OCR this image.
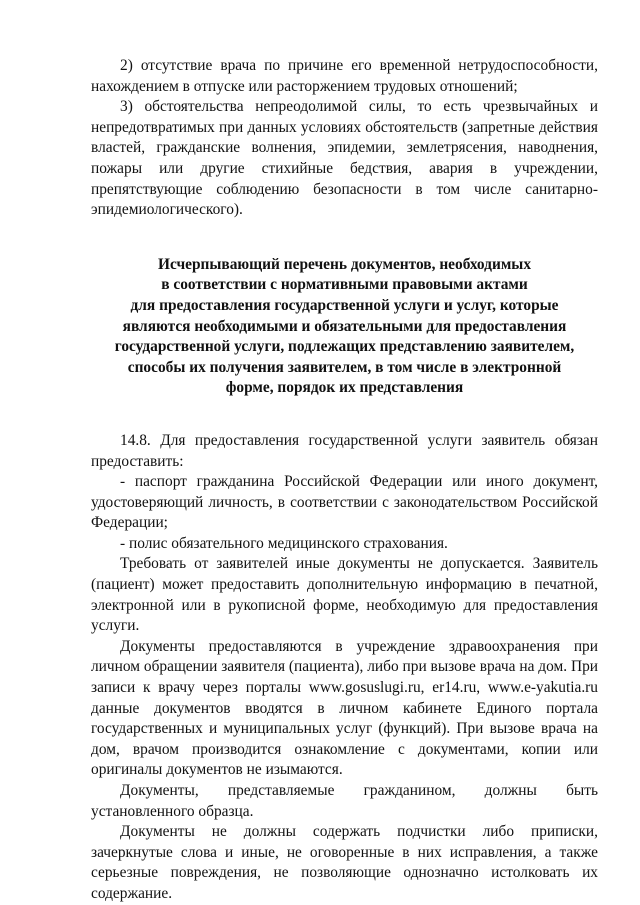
2) отсутствие врача по причине его временной нетрудоспособности, нахождением в отпуске или расторжением трудовых отношений;

3) обстоятельства непреодолимой силы, то есть чрезвычайных и непредотвратимых при данных условиях обстоятельств (запретные действия властей, гражданские волнения, эпидемии, землетрясения, наводнения, пожары или другие стихийные бедствия, авария в учреждении, препятствующие соблюдению безопасности в том числе санитарно-эпидемиологического).

Исчерпывающий перечень документов, необходимых
в соответствии с нормативными правовыми актами
для предоставления государственной услуги и услуг, которые
являются необходимыми и обязательными для предоставления
государственной услуги, подлежащих представлению заявителем,
способы их получения заявителем, в том числе в электронной
форме, порядок их представления

14.8. Для предоставления государственной услуги заявитель обязан предоставить:

- паспорт гражданина Российской Федерации или иного документ, удостоверяющий личность, в соответствии с законодательством Российской Федерации;

- полис обязательного медицинского страхования.

Требовать от заявителей иные документы не допускается. Заявитель (пациент) может предоставить дополнительную информацию в печатной, электронной или в рукописной форме, необходимую для предоставления услуги.

Документы предоставляются в учреждение здравоохранения при личном обращении заявителя (пациента), либо при вызове врача на дом. При записи к врачу через порталы www.gosuslugi.ru, er14.ru, www.e-yakutia.ru данные документов вводятся в личном кабинете Единого портала государственных и муниципальных услуг (функций). При вызове врача на дом, врачом производится ознакомление с документами, копии или оригиналы документов не изымаются.

Документы, представляемые гражданином, должны быть установленного образца.

Документы не должны содержать подчистки либо приписки, зачеркнутые слова и иные, не оговоренные в них исправления, а также серьезные повреждения, не позволяющие однозначно истолковать их содержание.
